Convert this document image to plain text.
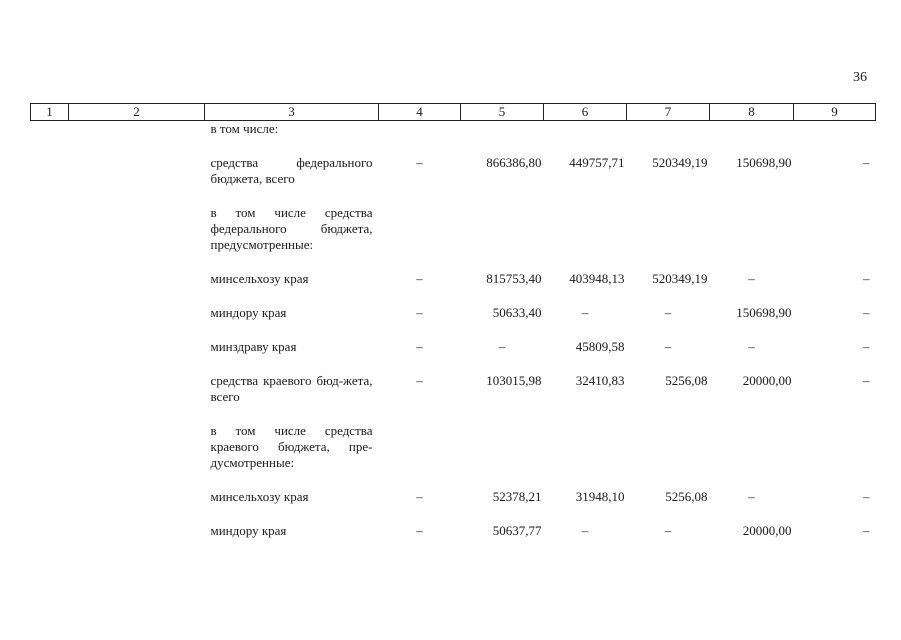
36
1	2	3	4	5	6	7	8	9
		в том числе:						

		средства федерального бюджета, всего	–	866386,80	449757,71	520349,19	150698,90	–

		в том числе средства федерального бюджета, предусмотренные:						

		минсельхозу края	–	815753,40	403948,13	520349,19	–	–

		миндору края	–	50633,40	–	–	150698,90	–

		минздраву края	–	–	45809,58	–	–	–

		средства краевого бюд-жета, всего	–	103015,98	32410,83	5256,08	20000,00	–

		в том числе средства краевого бюджета, пре-дусмотренные:						

		минсельхозу края	–	52378,21	31948,10	5256,08	–	–

		миндору края	–	50637,77	–	–	20000,00	–
